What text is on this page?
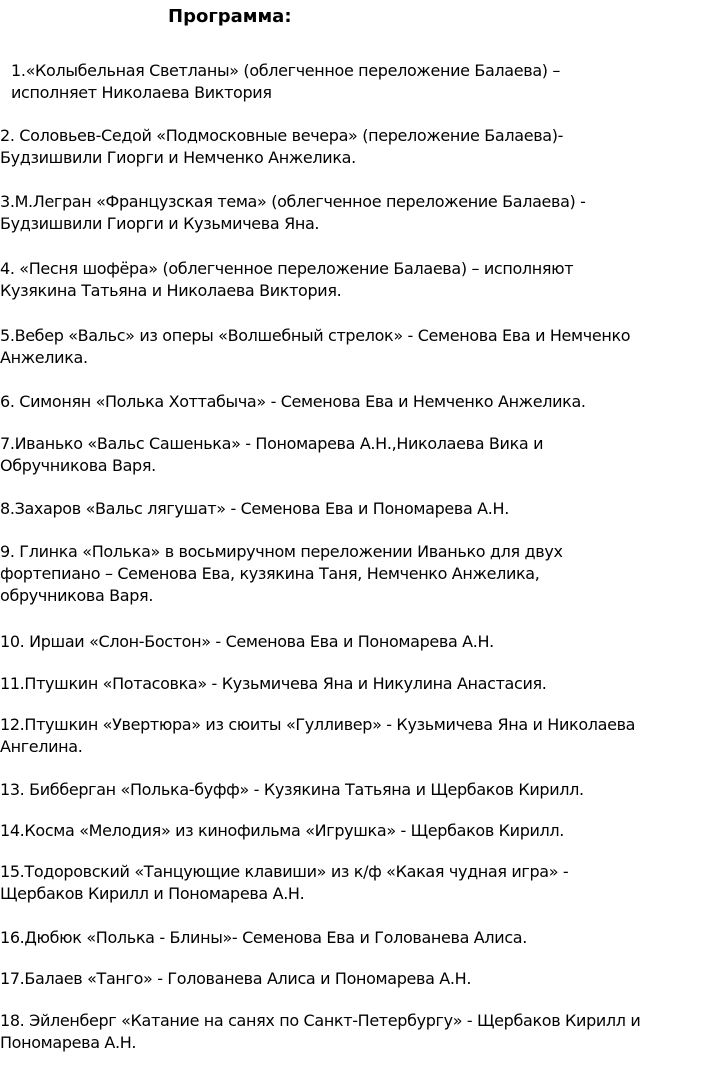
Программа:
1.«Колыбельная Светланы» (облегченное переложение Балаева) –
исполняет Николаева Виктория
2. Соловьев-Седой «Подмосковные вечера» (переложение Балаева)-
Будзишвили Гиорги и Немченко Анжелика.
3.М.Легран «Французская тема» (облегченное переложение Балаева) -
Будзишвили Гиорги и Кузьмичева Яна.
4. «Песня шофёра» (облегченное переложение Балаева) – исполняют
Кузякина Татьяна и Николаева Виктория.
5.Вебер «Вальс» из оперы «Волшебный стрелок» - Семенова Ева и Немченко
Анжелика.
6. Симонян «Полька Хоттабыча» - Семенова Ева и Немченко Анжелика.
7.Иванько «Вальс Сашенька» - Пономарева А.Н.,Николаева Вика и
Обручникова Варя.
8.Захаров «Вальс лягушат» - Семенова Ева и Пономарева А.Н.
9. Глинка «Полька» в восьмиручном переложении Иванько для двух
фортепиано – Семенова Ева, кузякина Таня, Немченко Анжелика,
обручникова Варя.
10. Иршаи «Слон-Бостон» - Семенова Ева и Пономарева А.Н.
11.Птушкин «Потасовка» - Кузьмичева Яна и Никулина Анастасия.
12.Птушкин «Увертюра» из сюиты «Гулливер» - Кузьмичева Яна и Николаева
Ангелина.
13. Бибберган «Полька-буфф» - Кузякина Татьяна и Щербаков Кирилл.
14.Косма «Мелодия» из кинофильма «Игрушка» - Щербаков Кирилл.
15.Тодоровский «Танцующие клавиши» из к/ф «Какая чудная игра» -
Щербаков Кирилл и Пономарева А.Н.
16.Дюбюк «Полька - Блины»- Семенова Ева и Голованева Алиса.
17.Балаев «Танго» - Голованева Алиса и Пономарева А.Н.
18. Эйленберг «Катание на санях по Санкт-Петербургу» - Щербаков Кирилл и
Пономарева А.Н.
